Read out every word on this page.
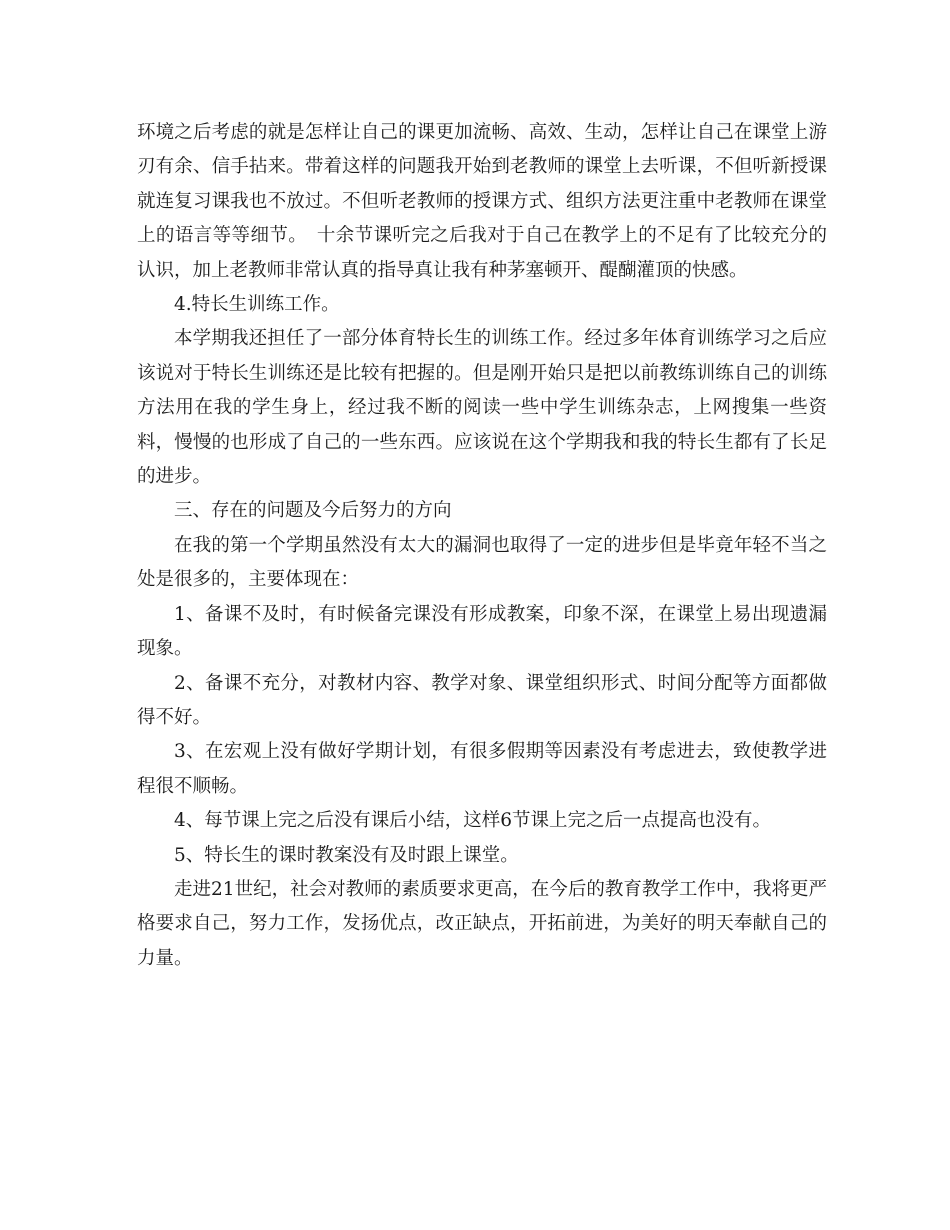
环境之后考虑的就是怎样让自己的课更加流畅、高效、生动，怎样让自己在课堂上游刃有余、信手拈来。带着这样的问题我开始到老教师的课堂上去听课，不但听新授课就连复习课我也不放过。不但听老教师的授课方式、组织方法更注重中老教师在课堂上的语言等等细节。　十余节课听完之后我对于自己在教学上的不足有了比较充分的认识，加上老教师非常认真的指导真让我有种茅塞顿开、醍醐灌顶的快感。

4.特长生训练工作。

本学期我还担任了一部分体育特长生的训练工作。经过多年体育训练学习之后应该说对于特长生训练还是比较有把握的。但是刚开始只是把以前教练训练自己的训练方法用在我的学生身上，经过我不断的阅读一些中学生训练杂志，上网搜集一些资料，慢慢的也形成了自己的一些东西。应该说在这个学期我和我的特长生都有了长足的进步。

三、存在的问题及今后努力的方向

在我的第一个学期虽然没有太大的漏洞也取得了一定的进步但是毕竟年轻不当之处是很多的，主要体现在：

1、备课不及时，有时候备完课没有形成教案，印象不深，在课堂上易出现遗漏现象。

2、备课不充分，对教材内容、教学对象、课堂组织形式、时间分配等方面都做得不好。

3、在宏观上没有做好学期计划，有很多假期等因素没有考虑进去，致使教学进程很不顺畅。

4、每节课上完之后没有课后小结，这样6节课上完之后一点提高也没有。

5、特长生的课时教案没有及时跟上课堂。

走进21世纪，社会对教师的素质要求更高，在今后的教育教学工作中，我将更严格要求自己，努力工作，发扬优点，改正缺点，开拓前进，为美好的明天奉献自己的力量。
